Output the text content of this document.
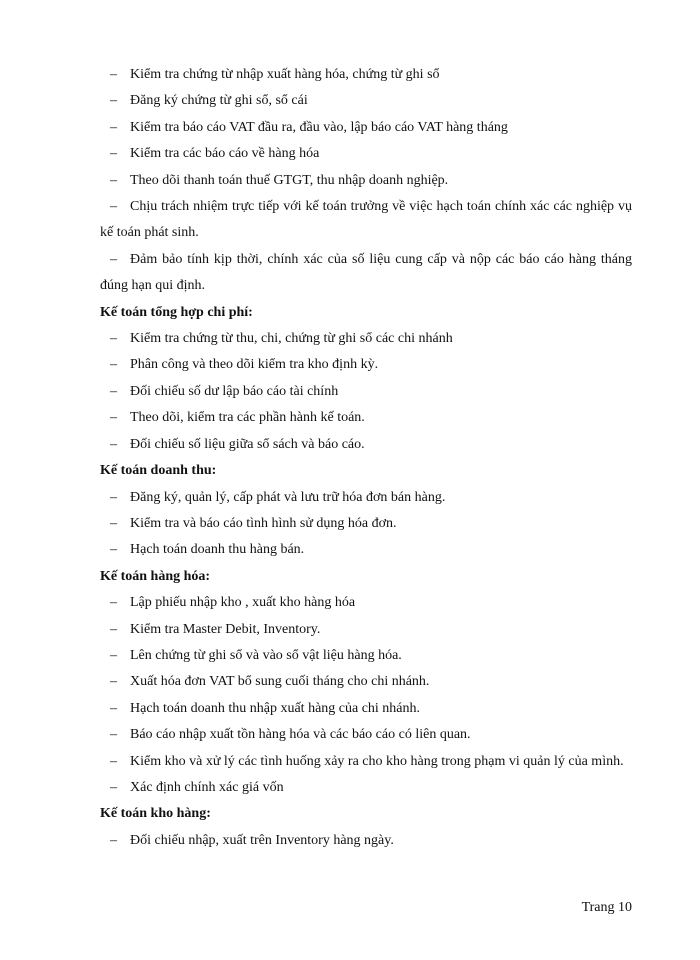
– Kiểm tra chứng từ nhập xuất hàng hóa, chứng từ ghi sổ
– Đăng ký chứng từ ghi sổ, sổ cái
– Kiểm tra báo cáo VAT đầu ra, đầu vào, lập báo cáo VAT hàng tháng
– Kiểm tra các báo cáo về hàng hóa
– Theo dõi thanh toán thuế GTGT, thu nhập doanh nghiệp.
– Chịu trách nhiệm trực tiếp với kế toán trưởng về việc hạch toán chính xác các nghiệp vụ kế toán phát sinh.
– Đảm bảo tính kịp thời, chính xác của số liệu cung cấp và nộp các báo cáo hàng tháng đúng hạn qui định.
Kế toán tổng hợp chi phí:
– Kiểm tra chứng từ thu, chi, chứng từ ghi sổ các chi nhánh
– Phân công và theo dõi kiểm tra kho định kỳ.
– Đối chiếu số dư lập báo cáo tài chính
– Theo dõi, kiểm tra các phần hành kế toán.
– Đối chiếu số liệu giữa sổ sách và báo cáo.
Kế toán doanh thu:
– Đăng ký, quản lý, cấp phát và lưu trữ hóa đơn bán hàng.
– Kiểm tra và báo cáo tình hình sử dụng hóa đơn.
– Hạch toán doanh thu hàng bán.
Kế toán hàng hóa:
– Lập phiếu nhập kho , xuất kho hàng hóa
– Kiểm tra Master Debit, Inventory.
– Lên chứng từ ghi sổ và vào sổ vật liệu hàng hóa.
– Xuất hóa đơn VAT bổ sung cuối tháng cho chi nhánh.
– Hạch toán doanh thu nhập xuất hàng của chi nhánh.
– Báo cáo nhập xuất tồn hàng hóa và các báo cáo có liên quan.
– Kiểm kho và xử lý các tình huống xảy ra cho kho hàng trong phạm vi quản lý của mình.
– Xác định chính xác giá vốn
Kế toán kho hàng:
– Đối chiếu nhập, xuất trên Inventory hàng ngày.
Trang 10
